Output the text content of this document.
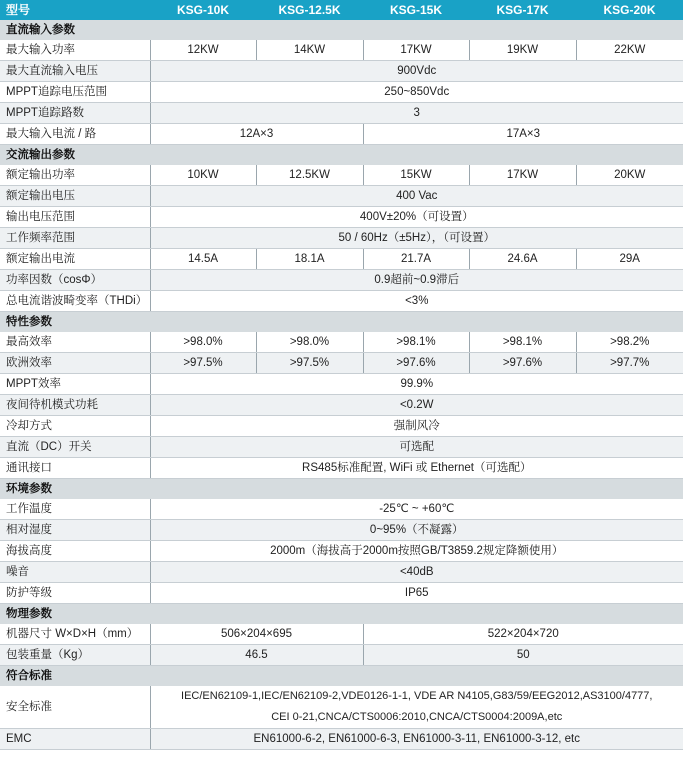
型号	KSG-10K	KSG-12.5K	KSG-15K	KSG-17K	KSG-20K
直流输入参数					
最大输入功率	12KW	14KW	17KW	19KW	22KW
最大直流输入电压	900Vdc				
MPPT追踪电压范围	250~850Vdc				
MPPT追踪路数	3				
最大输入电流 / 路	12A×3		17A×3		
交流输出参数					
额定输出功率	10KW	12.5KW	15KW	17KW	20KW
额定输出电压	400 Vac				
输出电压范围	400V±20%（可设置）				
工作频率范围	50 / 60Hz（±5Hz），（可设置）				
额定输出电流	14.5A	18.1A	21.7A	24.6A	29A
功率因数（cosΦ）	0.9超前~0.9滞后				
总电流谐波畸变率（THDi）	<3%				
特性参数					
最高效率	>98.0%	>98.0%	>98.1%	>98.1%	>98.2%
欧洲效率	>97.5%	>97.5%	>97.6%	>97.6%	>97.7%
MPPT效率	99.9%				
夜间待机模式功耗	<0.2W				
冷却方式	强制风冷				
直流（DC）开关	可选配				
通讯接口	RS485标准配置, WiFi 或 Ethernet（可选配）				
环境参数					
工作温度	-25℃ ~ +60℃				
相对湿度	0~95%（不凝露）				
海拔高度	2000m（海拔高于2000m按照GB/T3859.2规定降额使用）				
噪音	<40dB				
防护等级	IP65				
物理参数					
机器尺寸 W×D×H（mm）	506×204×695		522×204×720		
包装重量（Kg）	46.5		50		
符合标准					
安全标准	IEC/EN62109-1,IEC/EN62109-2,VDE0126-1-1, VDE AR N4105,G83/59/EEG2012,AS3100/4777,
CEI 0-21,CNCA/CTS0006:2010,CNCA/CTS0004:2009A,etc				

EMC	EN61000-6-2, EN61000-6-3, EN61000-3-11, EN61000-3-12, etc				
